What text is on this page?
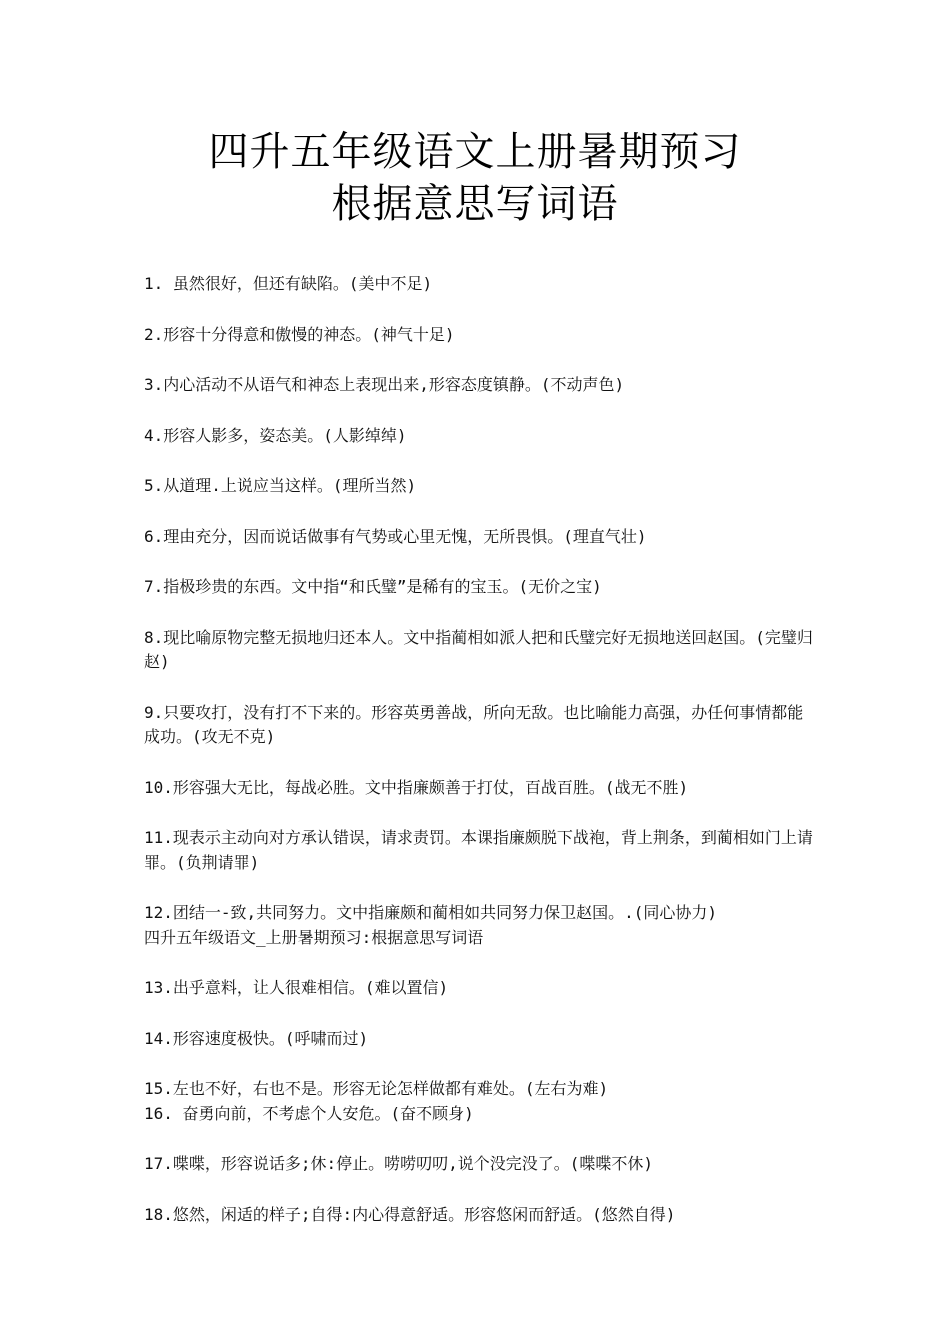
四升五年级语文上册暑期预习
根据意思写词语
1. 虽然很好，但还有缺陷。(美中不足)
2.形容十分得意和傲慢的神态。(神气十足)
3.内心活动不从语气和神态上表现出来,形容态度镇静。(不动声色)
4.形容人影多，姿态美。(人影绰绰)
5.从道理.上说应当这样。(理所当然)
6.理由充分，因而说话做事有气势或心里无愧，无所畏惧。(理直气壮)
7.指极珍贵的东西。文中指“和氏璧”是稀有的宝玉。(无价之宝)
8.现比喻原物完整无损地归还本人。文中指蔺相如派人把和氏璧完好无损地送回赵国。(完璧归赵)
9.只要攻打，没有打不下来的。形容英勇善战，所向无敌。也比喻能力高强，办任何事情都能成功。(攻无不克)
10.形容强大无比，每战必胜。文中指廉颇善于打仗，百战百胜。(战无不胜)
11.现表示主动向对方承认错误，请求责罚。本课指廉颇脱下战袍，背上荆条，到蔺相如门上请罪。(负荆请罪)
12.团结一-致,共同努力。文中指廉颇和蔺相如共同努力保卫赵国。.(同心协力)
四升五年级语文_上册暑期预习:根据意思写词语
13.出乎意料，让人很难相信。(难以置信)
14.形容速度极快。(呼啸而过)
15.左也不好，右也不是。形容无论怎样做都有难处。(左右为难)
16. 奋勇向前，不考虑个人安危。(奋不顾身)
17.喋喋，形容说话多;休:停止。唠唠叨叨,说个没完没了。(喋喋不休)
18.悠然，闲适的样子;自得:内心得意舒适。形容悠闲而舒适。(悠然自得)
